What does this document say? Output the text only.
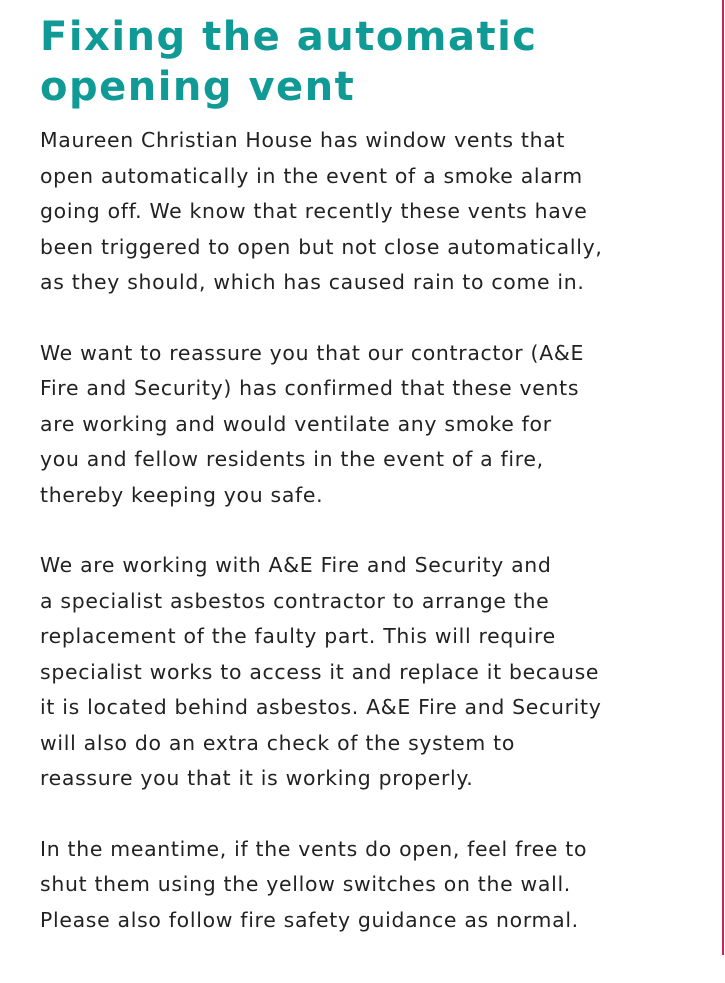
Fixing the automatic
opening vent

Maureen Christian House has window vents that
open automatically in the event of a smoke alarm
going off. We know that recently these vents have
been triggered to open but not close automatically,
as they should, which has caused rain to come in.

We want to reassure you that our contractor (A&E
Fire and Security) has confirmed that these vents
are working and would ventilate any smoke for
you and fellow residents in the event of a fire,
thereby keeping you safe.

We are working with A&E Fire and Security and
a specialist asbestos contractor to arrange the
replacement of the faulty part. This will require
specialist works to access it and replace it because
it is located behind asbestos. A&E Fire and Security
will also do an extra check of the system to
reassure you that it is working properly.

In the meantime, if the vents do open, feel free to
shut them using the yellow switches on the wall.
Please also follow fire safety guidance as normal.
